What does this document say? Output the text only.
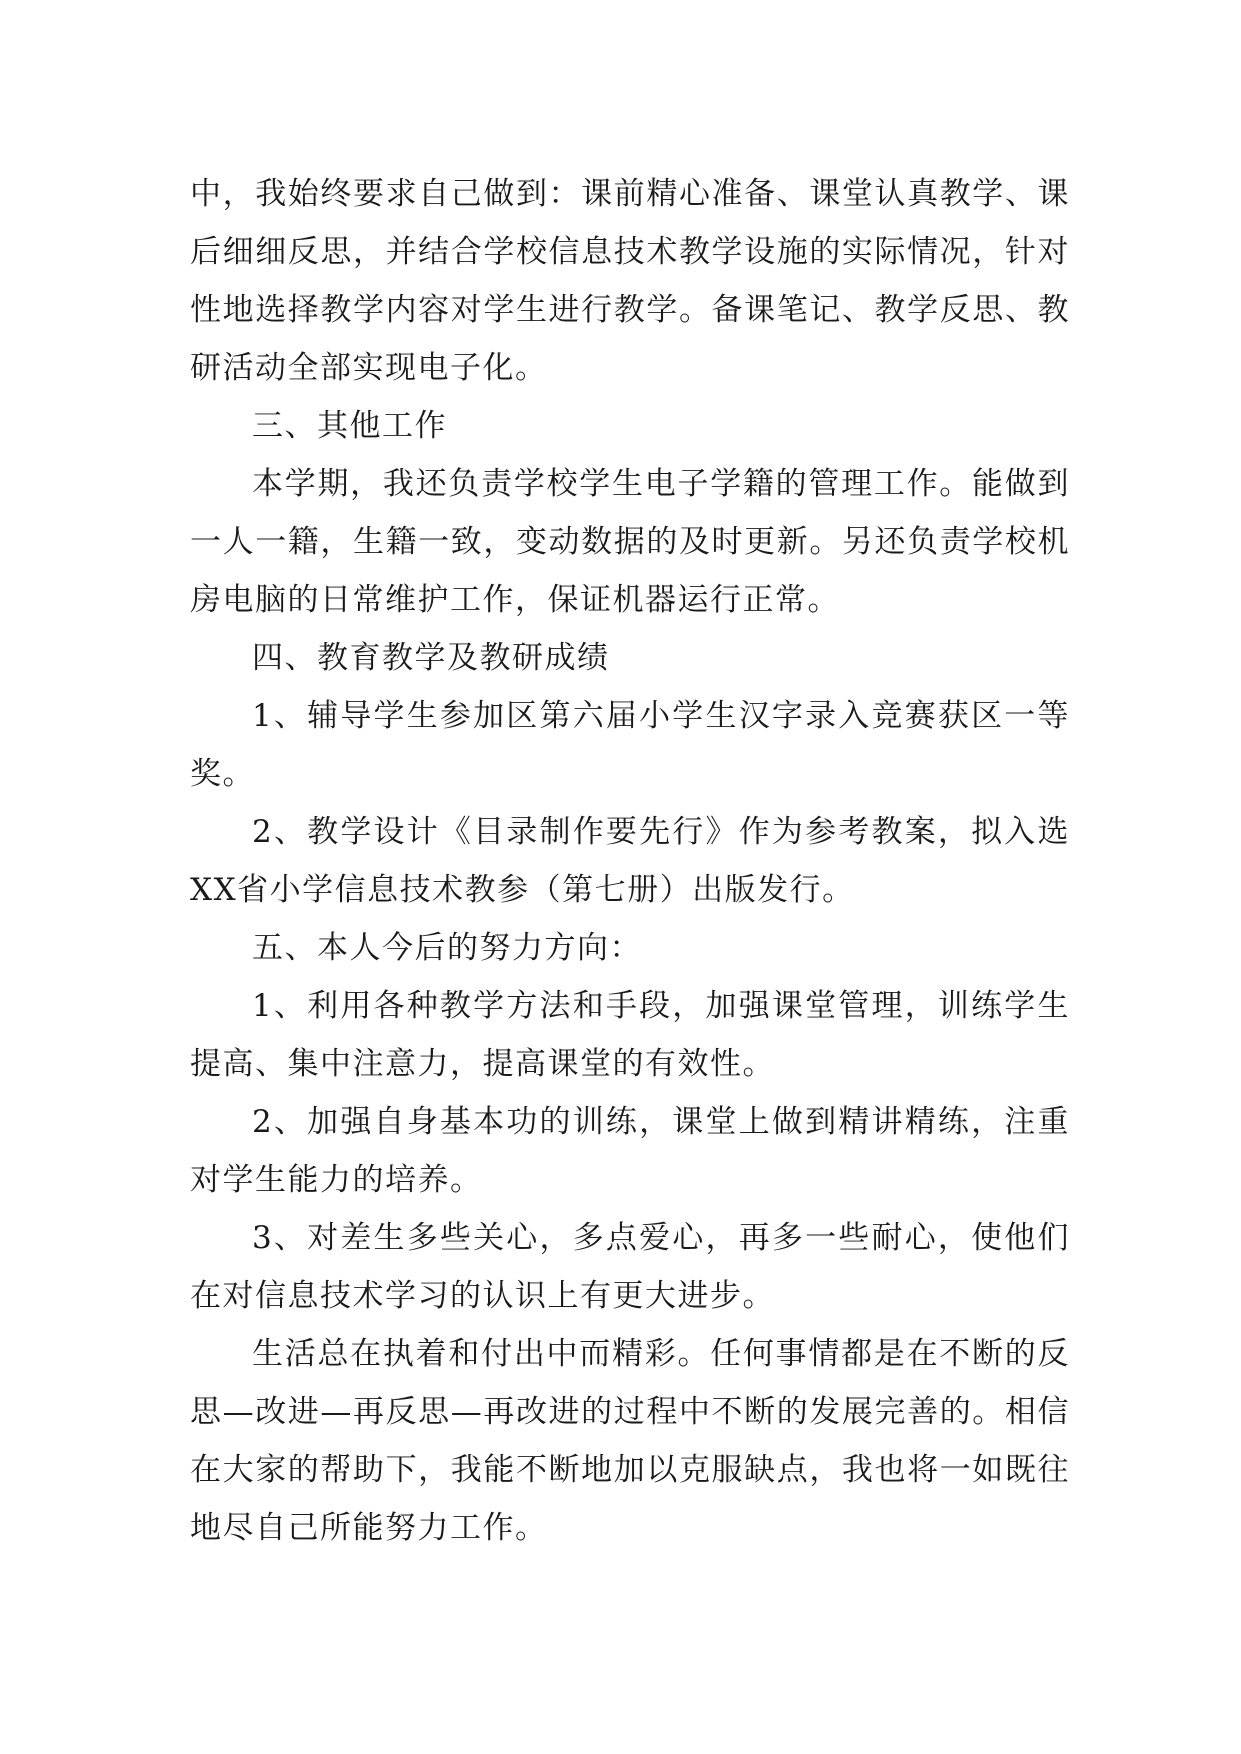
中，我始终要求自己做到：课前精心准备、课堂认真教学、课后细细反思，并结合学校信息技术教学设施的实际情况，针对性地选择教学内容对学生进行教学。备课笔记、教学反思、教研活动全部实现电子化。

三、其他工作

本学期，我还负责学校学生电子学籍的管理工作。能做到一人一籍，生籍一致，变动数据的及时更新。另还负责学校机房电脑的日常维护工作，保证机器运行正常。

四、教育教学及教研成绩

1、辅导学生参加区第六届小学生汉字录入竞赛获区一等奖。

2、教学设计《目录制作要先行》作为参考教案，拟入选XX省小学信息技术教参（第七册）出版发行。

五、本人今后的努力方向：

1、利用各种教学方法和手段，加强课堂管理，训练学生提高、集中注意力，提高课堂的有效性。

2、加强自身基本功的训练，课堂上做到精讲精练，注重对学生能力的培养。

3、对差生多些关心，多点爱心，再多一些耐心，使他们在对信息技术学习的认识上有更大进步。

生活总在执着和付出中而精彩。任何事情都是在不断的反思—改进—再反思—再改进的过程中不断的发展完善的。相信在大家的帮助下，我能不断地加以克服缺点，我也将一如既往地尽自己所能努力工作。
